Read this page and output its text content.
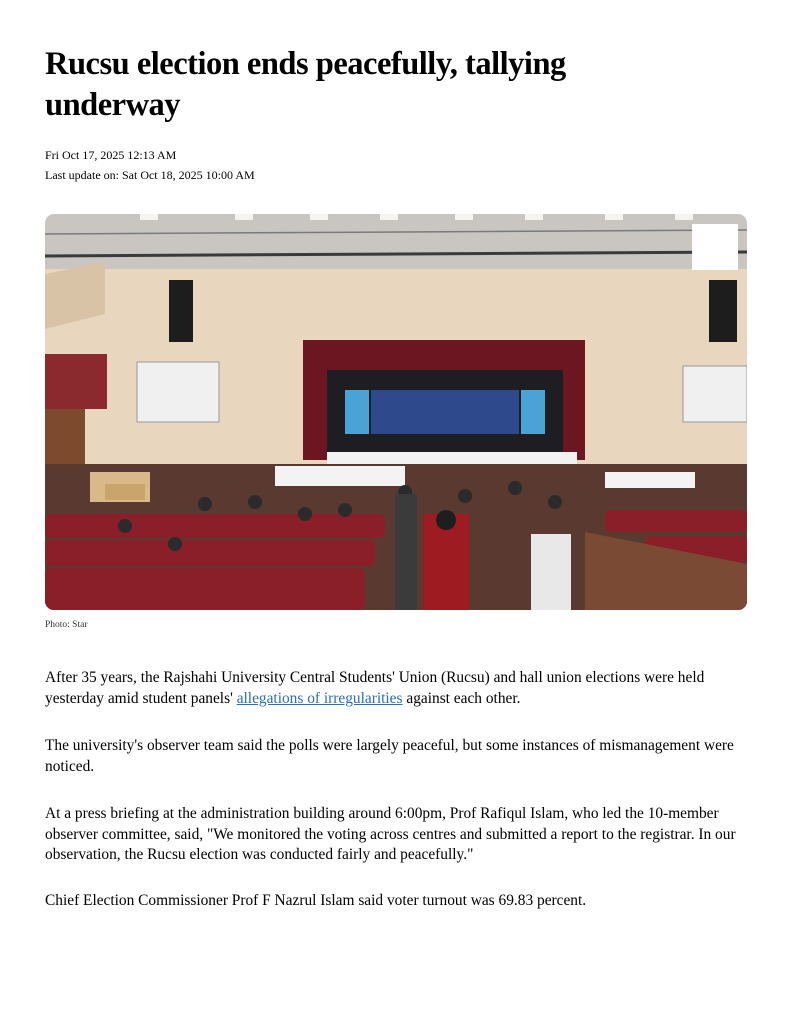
Rucsu election ends peacefully, tallying underway
Fri Oct 17, 2025 12:13 AM
Last update on: Sat Oct 18, 2025 10:00 AM
Photo: Star

After 35 years, the Rajshahi University Central Students' Union (Rucsu) and hall union elections were held yesterday amid student panels' allegations of irregularities against each other.

The university's observer team said the polls were largely peaceful, but some instances of mismanagement were noticed.

At a press briefing at the administration building around 6:00pm, Prof Rafiqul Islam, who led the 10-member observer committee, said, "We monitored the voting across centres and submitted a report to the registrar. In our observation, the Rucsu election was conducted fairly and peacefully."

Chief Election Commissioner Prof F Nazrul Islam said voter turnout was 69.83 percent.
